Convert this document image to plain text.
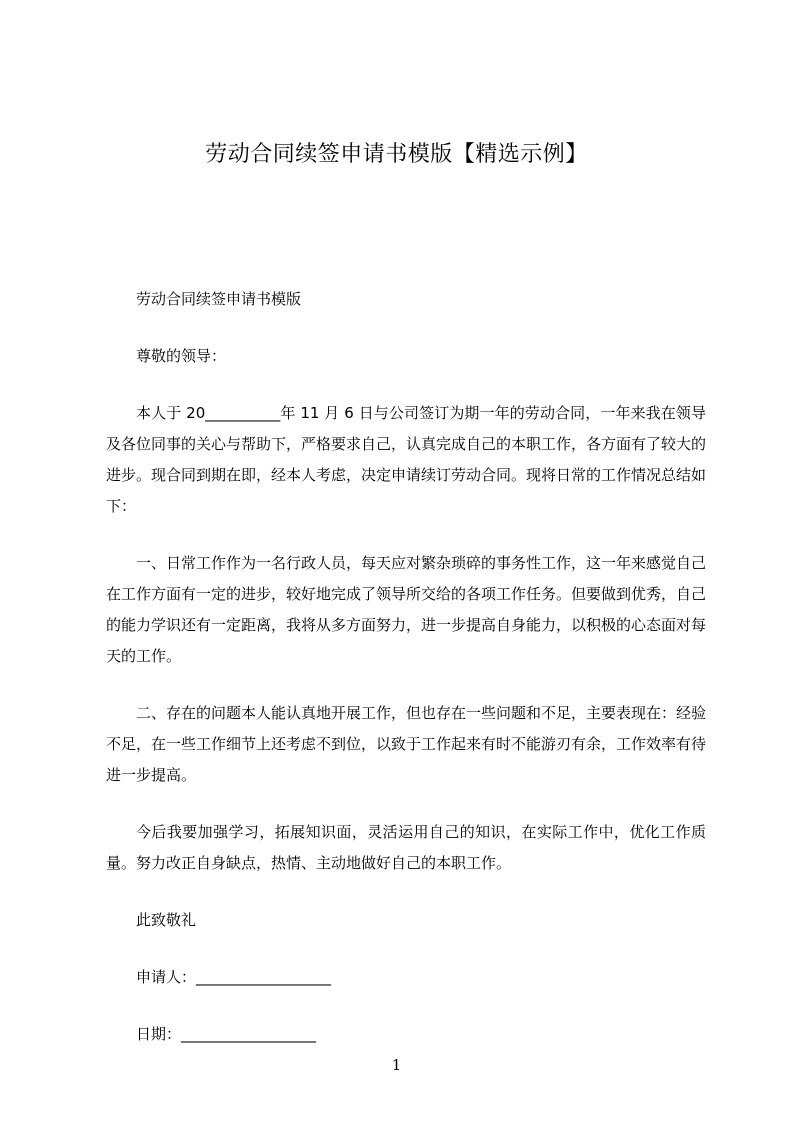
劳动合同续签申请书模版【精选示例】

劳动合同续签申请书模版

尊敬的领导：

本人于 20__________年 11 月 6 日与公司签订为期一年的劳动合同，一年来我在领导及各位同事的关心与帮助下，严格要求自己，认真完成自己的本职工作，各方面有了较大的进步。现合同到期在即，经本人考虑，决定申请续订劳动合同。现将日常的工作情况总结如下：

一、日常工作作为一名行政人员，每天应对繁杂琐碎的事务性工作，这一年来感觉自己在工作方面有一定的进步，较好地完成了领导所交给的各项工作任务。但要做到优秀，自己的能力学识还有一定距离，我将从多方面努力，进一步提高自身能力，以积极的心态面对每天的工作。

二、存在的问题本人能认真地开展工作，但也存在一些问题和不足，主要表现在：经验不足，在一些工作细节上还考虑不到位，以致于工作起来有时不能游刃有余，工作效率有待进一步提高。

今后我要加强学习，拓展知识面，灵活运用自己的知识，在实际工作中，优化工作质量。努力改正自身缺点，热情、主动地做好自己的本职工作。

此致敬礼

申请人：__________________

日期：__________________

1
